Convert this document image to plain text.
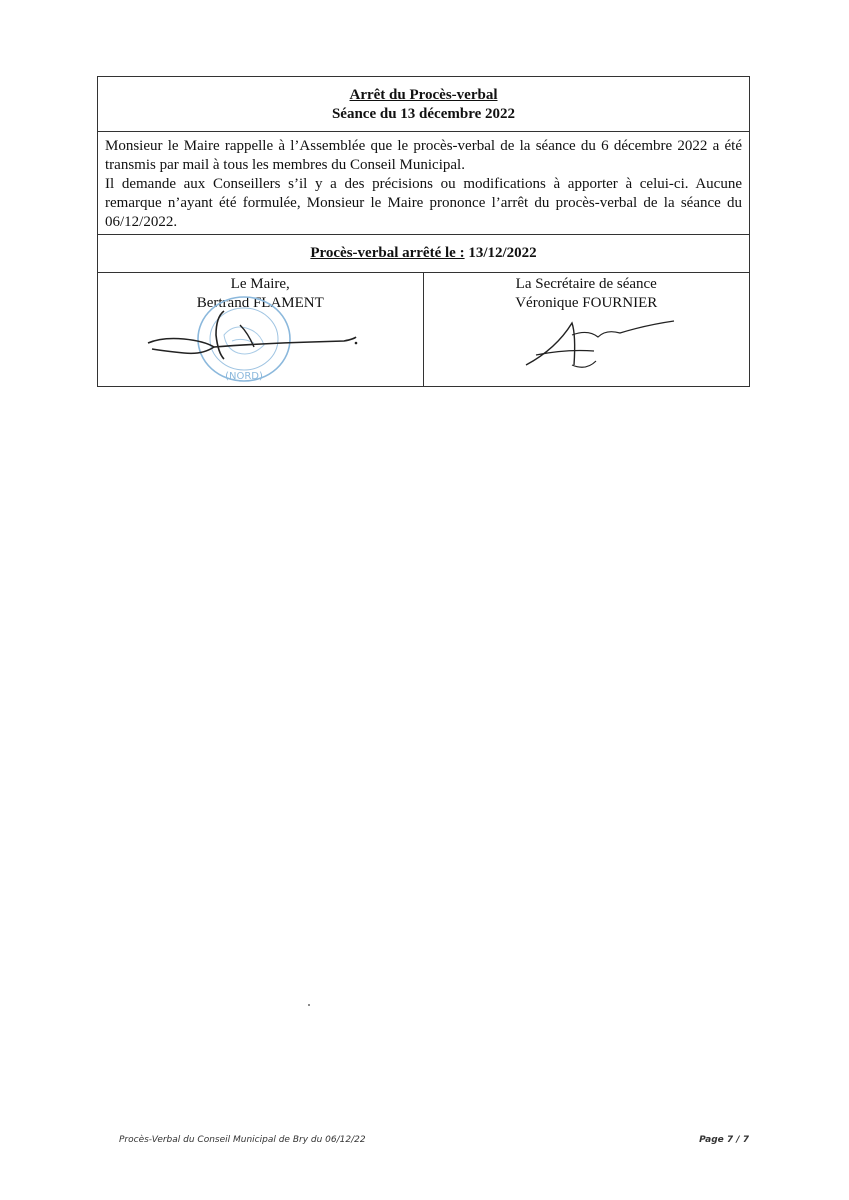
Arrêt du Procès-verbal
Séance du 13 décembre 2022

Monsieur le Maire rappelle à l’Assemblée que le procès-verbal de la séance du 6 décembre 2022 a été transmis par mail à tous les membres du Conseil Municipal.

Il demande aux Conseillers s’il y a des précisions ou modifications à apporter à celui-ci. Aucune remarque n’ayant été formulée, Monsieur le Maire prononce l’arrêt du procès-verbal de la séance du 06/12/2022.

Procès-verbal arrêté le : 13/12/2022
Le Maire,
Bertrand FLAMENT
(NORD)
La Secrétaire de séance
Véronique FOURNIER
Procès-Verbal du Conseil Municipal de Bry du 06/12/22	Page 7 / 7
